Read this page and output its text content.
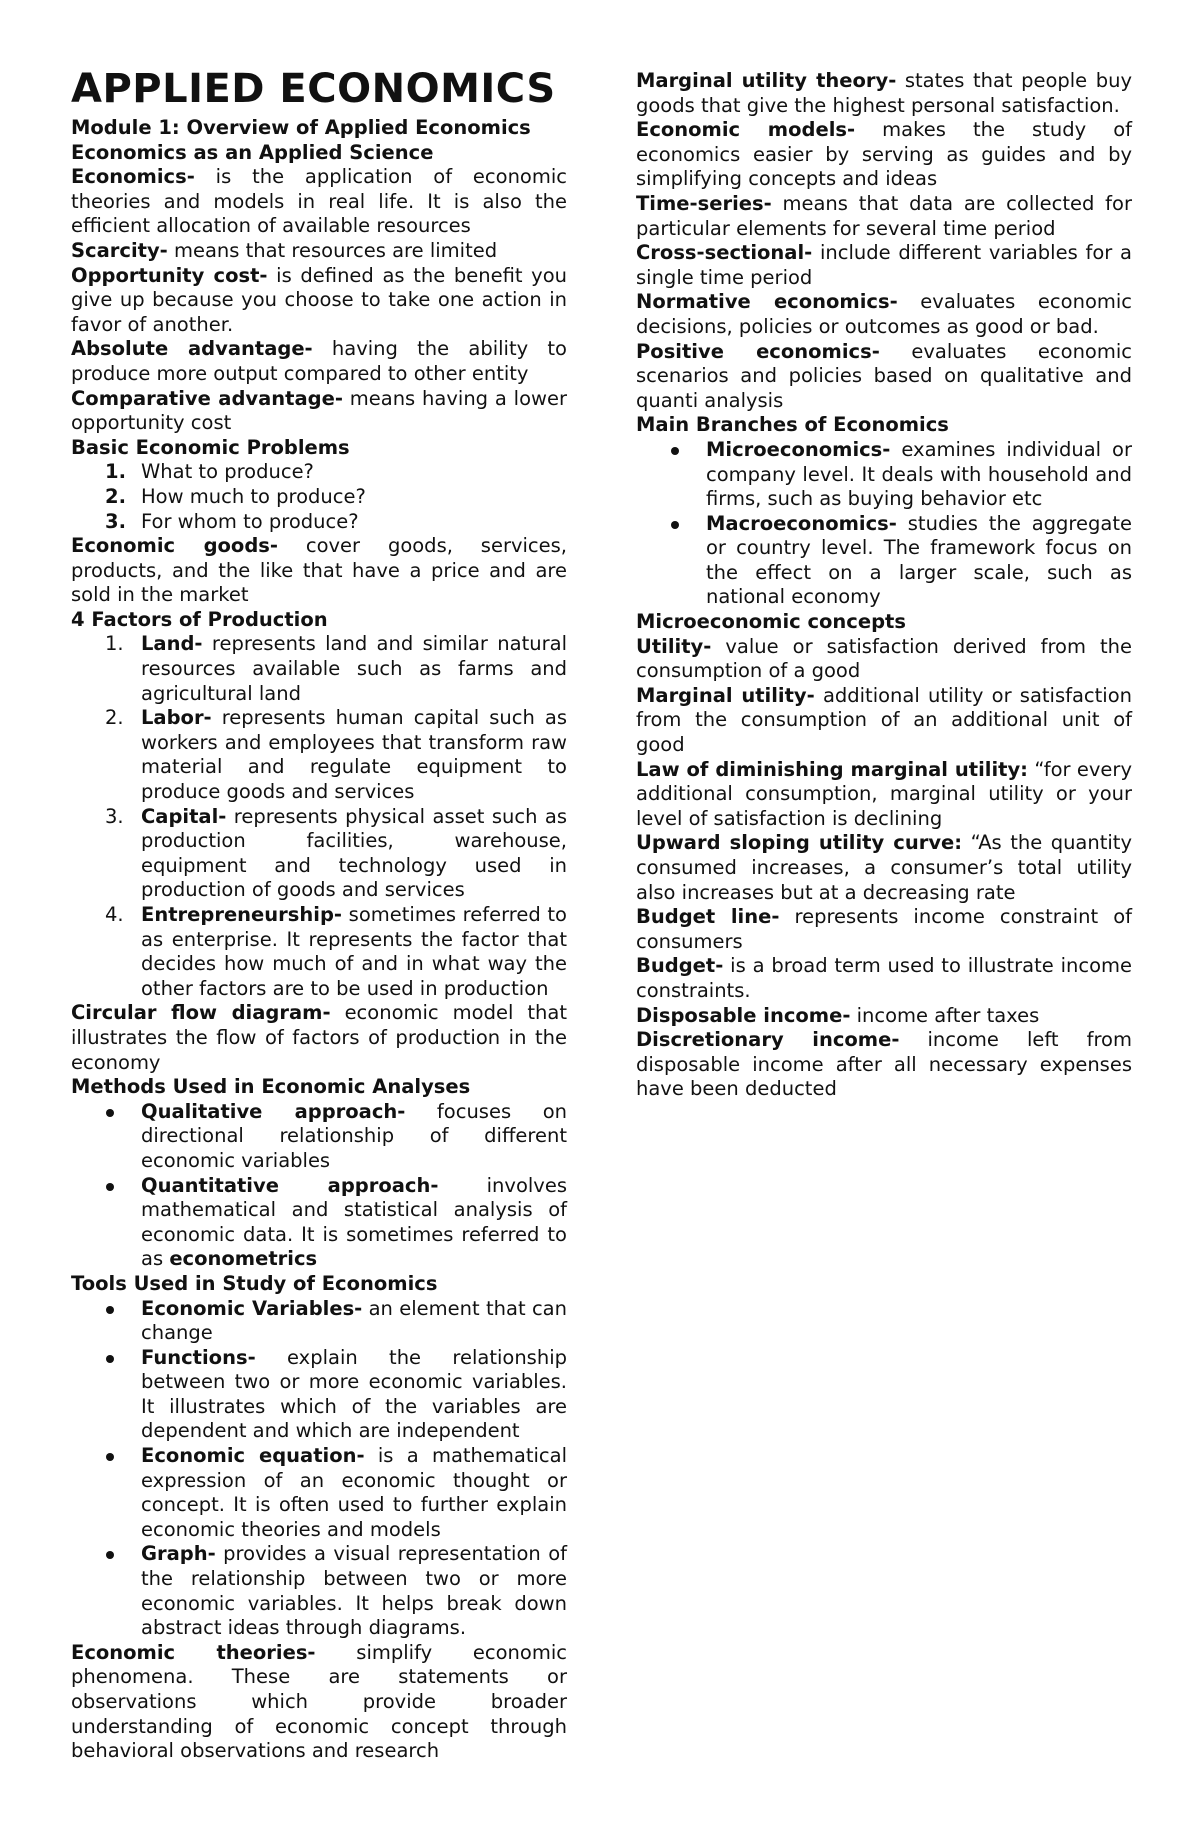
APPLIED ECONOMICS
Module 1: Overview of Applied Economics
Economics as an Applied Science

Economics- is the application of economic theories and models in real life. It is also the efficient allocation of available resources

Scarcity- means that resources are limited

Opportunity cost- is defined as the benefit you give up because you choose to take one action in favor of another.

Absolute advantage- having the ability to produce more output compared to other entity

Comparative advantage- means having a lower opportunity cost

Basic Economic Problems
1. What to produce?
2. How much to produce?
3. For whom to produce?

Economic goods- cover goods, services, products, and the like that have a price and are sold in the market

4 Factors of Production
1. Land- represents land and similar natural resources available such as farms and agricultural land
2. Labor- represents human capital such as workers and employees that transform raw material and regulate equipment to produce goods and services
3. Capital- represents physical asset such as production facilities, warehouse, equipment and technology used in production of goods and services
4. Entrepreneurship- sometimes referred to as enterprise. It represents the factor that decides how much of and in what way the other factors are to be used in production

Circular flow diagram- economic model that illustrates the flow of factors of production in the economy

Methods Used in Economic Analyses
Qualitative approach- focuses on directional relationship of different economic variables
Quantitative approach- involves mathematical and statistical analysis of economic data. It is sometimes referred to as econometrics
Tools Used in Study of Economics
Economic Variables- an element that can change
Functions- explain the relationship between two or more economic variables. It illustrates which of the variables are dependent and which are independent
Economic equation- is a mathematical expression of an economic thought or concept. It is often used to further explain economic theories and models
Graph- provides a visual representation of the relationship between two or more economic variables. It helps break down abstract ideas through diagrams.

Economic theories- simplify economic phenomena. These are statements or observations which provide broader understanding of economic concept through behavioral observations and research

Marginal utility theory- states that people buy goods that give the highest personal satisfaction.

Economic models- makes the study of economics easier by serving as guides and by simplifying concepts and ideas

Time-series- means that data are collected for particular elements for several time period

Cross-sectional- include different variables for a single time period

Normative economics- evaluates economic decisions, policies or outcomes as good or bad.

Positive economics- evaluates economic scenarios and policies based on qualitative and quanti analysis

Main Branches of Economics
Microeconomics- examines individual or company level. It deals with household and firms, such as buying behavior etc
Macroeconomics- studies the aggregate or country level. The framework focus on the effect on a larger scale, such as national economy
Microeconomic concepts

Utility- value or satisfaction derived from the consumption of a good

Marginal utility- additional utility or satisfaction from the consumption of an additional unit of good

Law of diminishing marginal utility: “for every additional consumption, marginal utility or your level of satisfaction is declining

Upward sloping utility curve: “As the quantity consumed increases, a consumer’s total utility also increases but at a decreasing rate

Budget line- represents income constraint of consumers

Budget- is a broad term used to illustrate income constraints.

Disposable income- income after taxes

Discretionary income- income left from disposable income after all necessary expenses have been deducted
